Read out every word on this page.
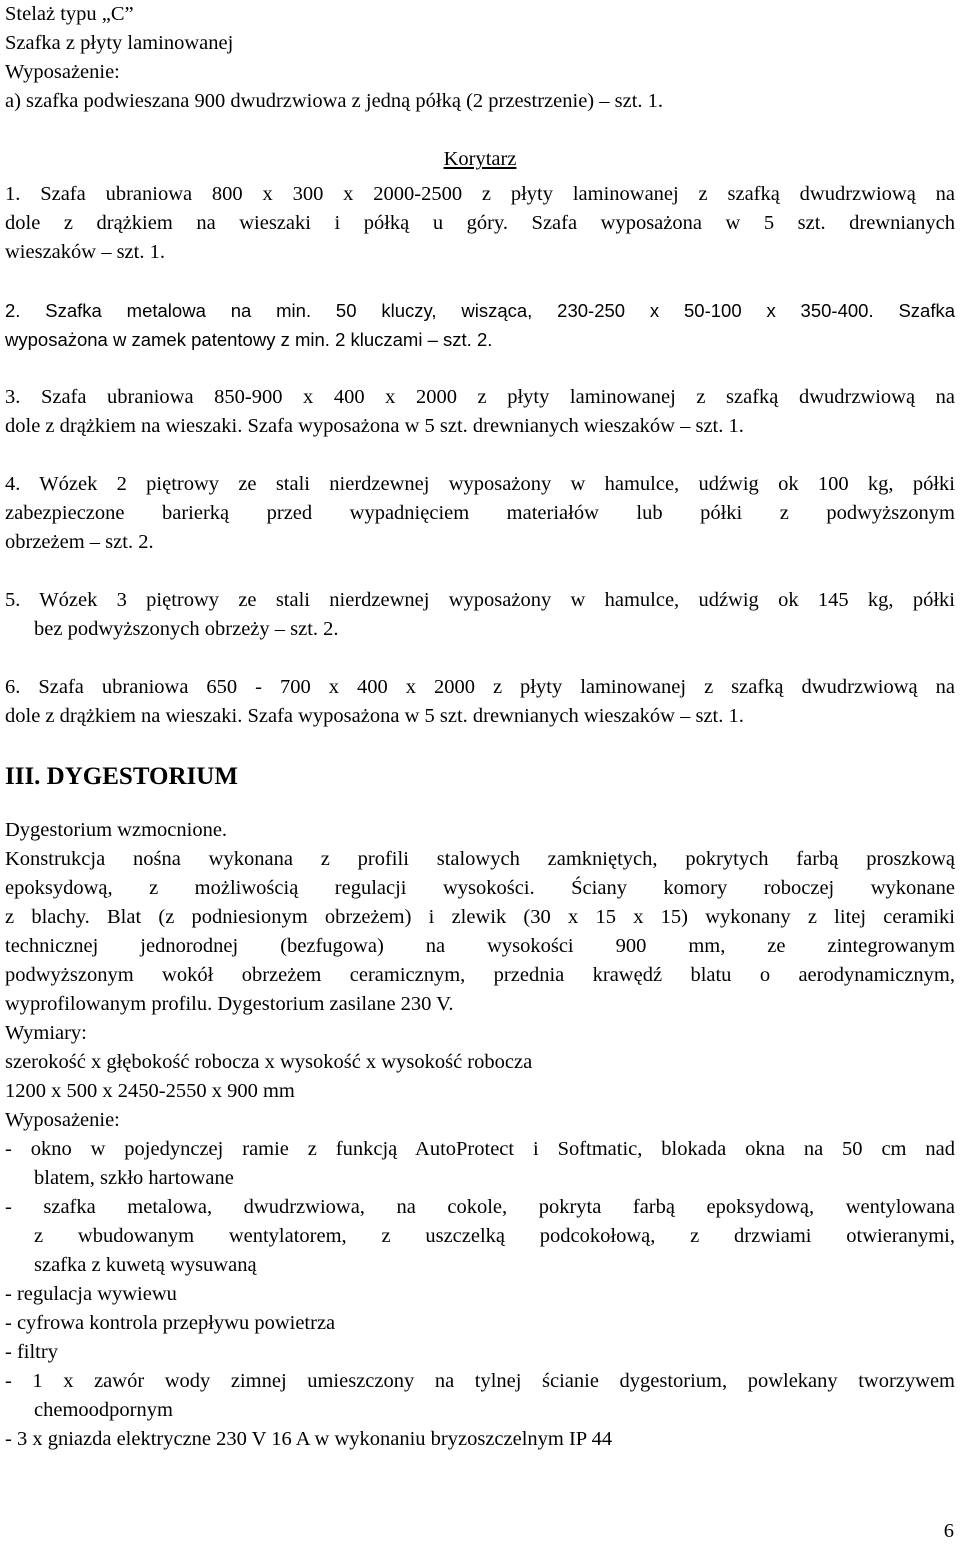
Stelaż typu „C”

Szafka z płyty laminowanej

Wyposażenie:

a) szafka podwieszana 900 dwudrzwiowa z jedną półką (2 przestrzenie) – szt. 1.

Korytarz

1. Szafa ubraniowa 800 x 300 x 2000-2500 z płyty laminowanej z szafką dwudrzwiową na

dole z drążkiem na wieszaki i półką u góry. Szafa wyposażona w 5 szt. drewnianych

wieszaków – szt. 1.

2. Szafka metalowa na min. 50 kluczy, wisząca, 230-250 x 50-100 x 350-400. Szafka

wyposażona w zamek patentowy z min. 2 kluczami – szt. 2.

3. Szafa ubraniowa 850-900 x 400 x 2000 z płyty laminowanej z szafką dwudrzwiową na

dole z drążkiem na wieszaki. Szafa wyposażona w 5 szt. drewnianych wieszaków – szt. 1.

4. Wózek 2 piętrowy ze stali nierdzewnej wyposażony w hamulce, udźwig ok 100 kg, półki

zabezpieczone barierką przed wypadnięciem materiałów lub półki z podwyższonym

obrzeżem – szt. 2.

5. Wózek 3 piętrowy ze stali nierdzewnej wyposażony w hamulce, udźwig ok 145 kg, półki

bez podwyższonych obrzeży – szt. 2.

6. Szafa ubraniowa 650 - 700 x 400 x 2000 z płyty laminowanej z szafką dwudrzwiową na

dole z drążkiem na wieszaki. Szafa wyposażona w 5 szt. drewnianych wieszaków – szt. 1.

III. DYGESTORIUM

Dygestorium wzmocnione.

Konstrukcja nośna wykonana z profili stalowych zamkniętych, pokrytych farbą proszkową

epoksydową, z możliwością regulacji wysokości. Ściany komory roboczej wykonane

z blachy. Blat (z podniesionym obrzeżem) i zlewik (30 x 15 x 15) wykonany z litej ceramiki

technicznej jednorodnej (bezfugowa) na wysokości 900 mm, ze zintegrowanym

podwyższonym wokół obrzeżem ceramicznym, przednia krawędź blatu o aerodynamicznym,

wyprofilowanym profilu. Dygestorium zasilane 230 V.

Wymiary:

szerokość x głębokość robocza x wysokość x wysokość robocza

1200 x 500 x 2450-2550 x 900 mm

Wyposażenie:

- okno w pojedynczej ramie z funkcją AutoProtect i Softmatic, blokada okna na 50 cm nad

blatem, szkło hartowane

- szafka metalowa, dwudrzwiowa, na cokole, pokryta farbą epoksydową, wentylowana

z wbudowanym wentylatorem, z uszczelką podcokołową, z drzwiami otwieranymi,

szafka z kuwetą wysuwaną

- regulacja wywiewu

- cyfrowa kontrola przepływu powietrza

- filtry

- 1 x zawór wody zimnej umieszczony na tylnej ścianie dygestorium, powlekany tworzywem

chemoodpornym

- 3 x gniazda elektryczne 230 V 16 A w wykonaniu bryzoszczelnym IP 44

6
